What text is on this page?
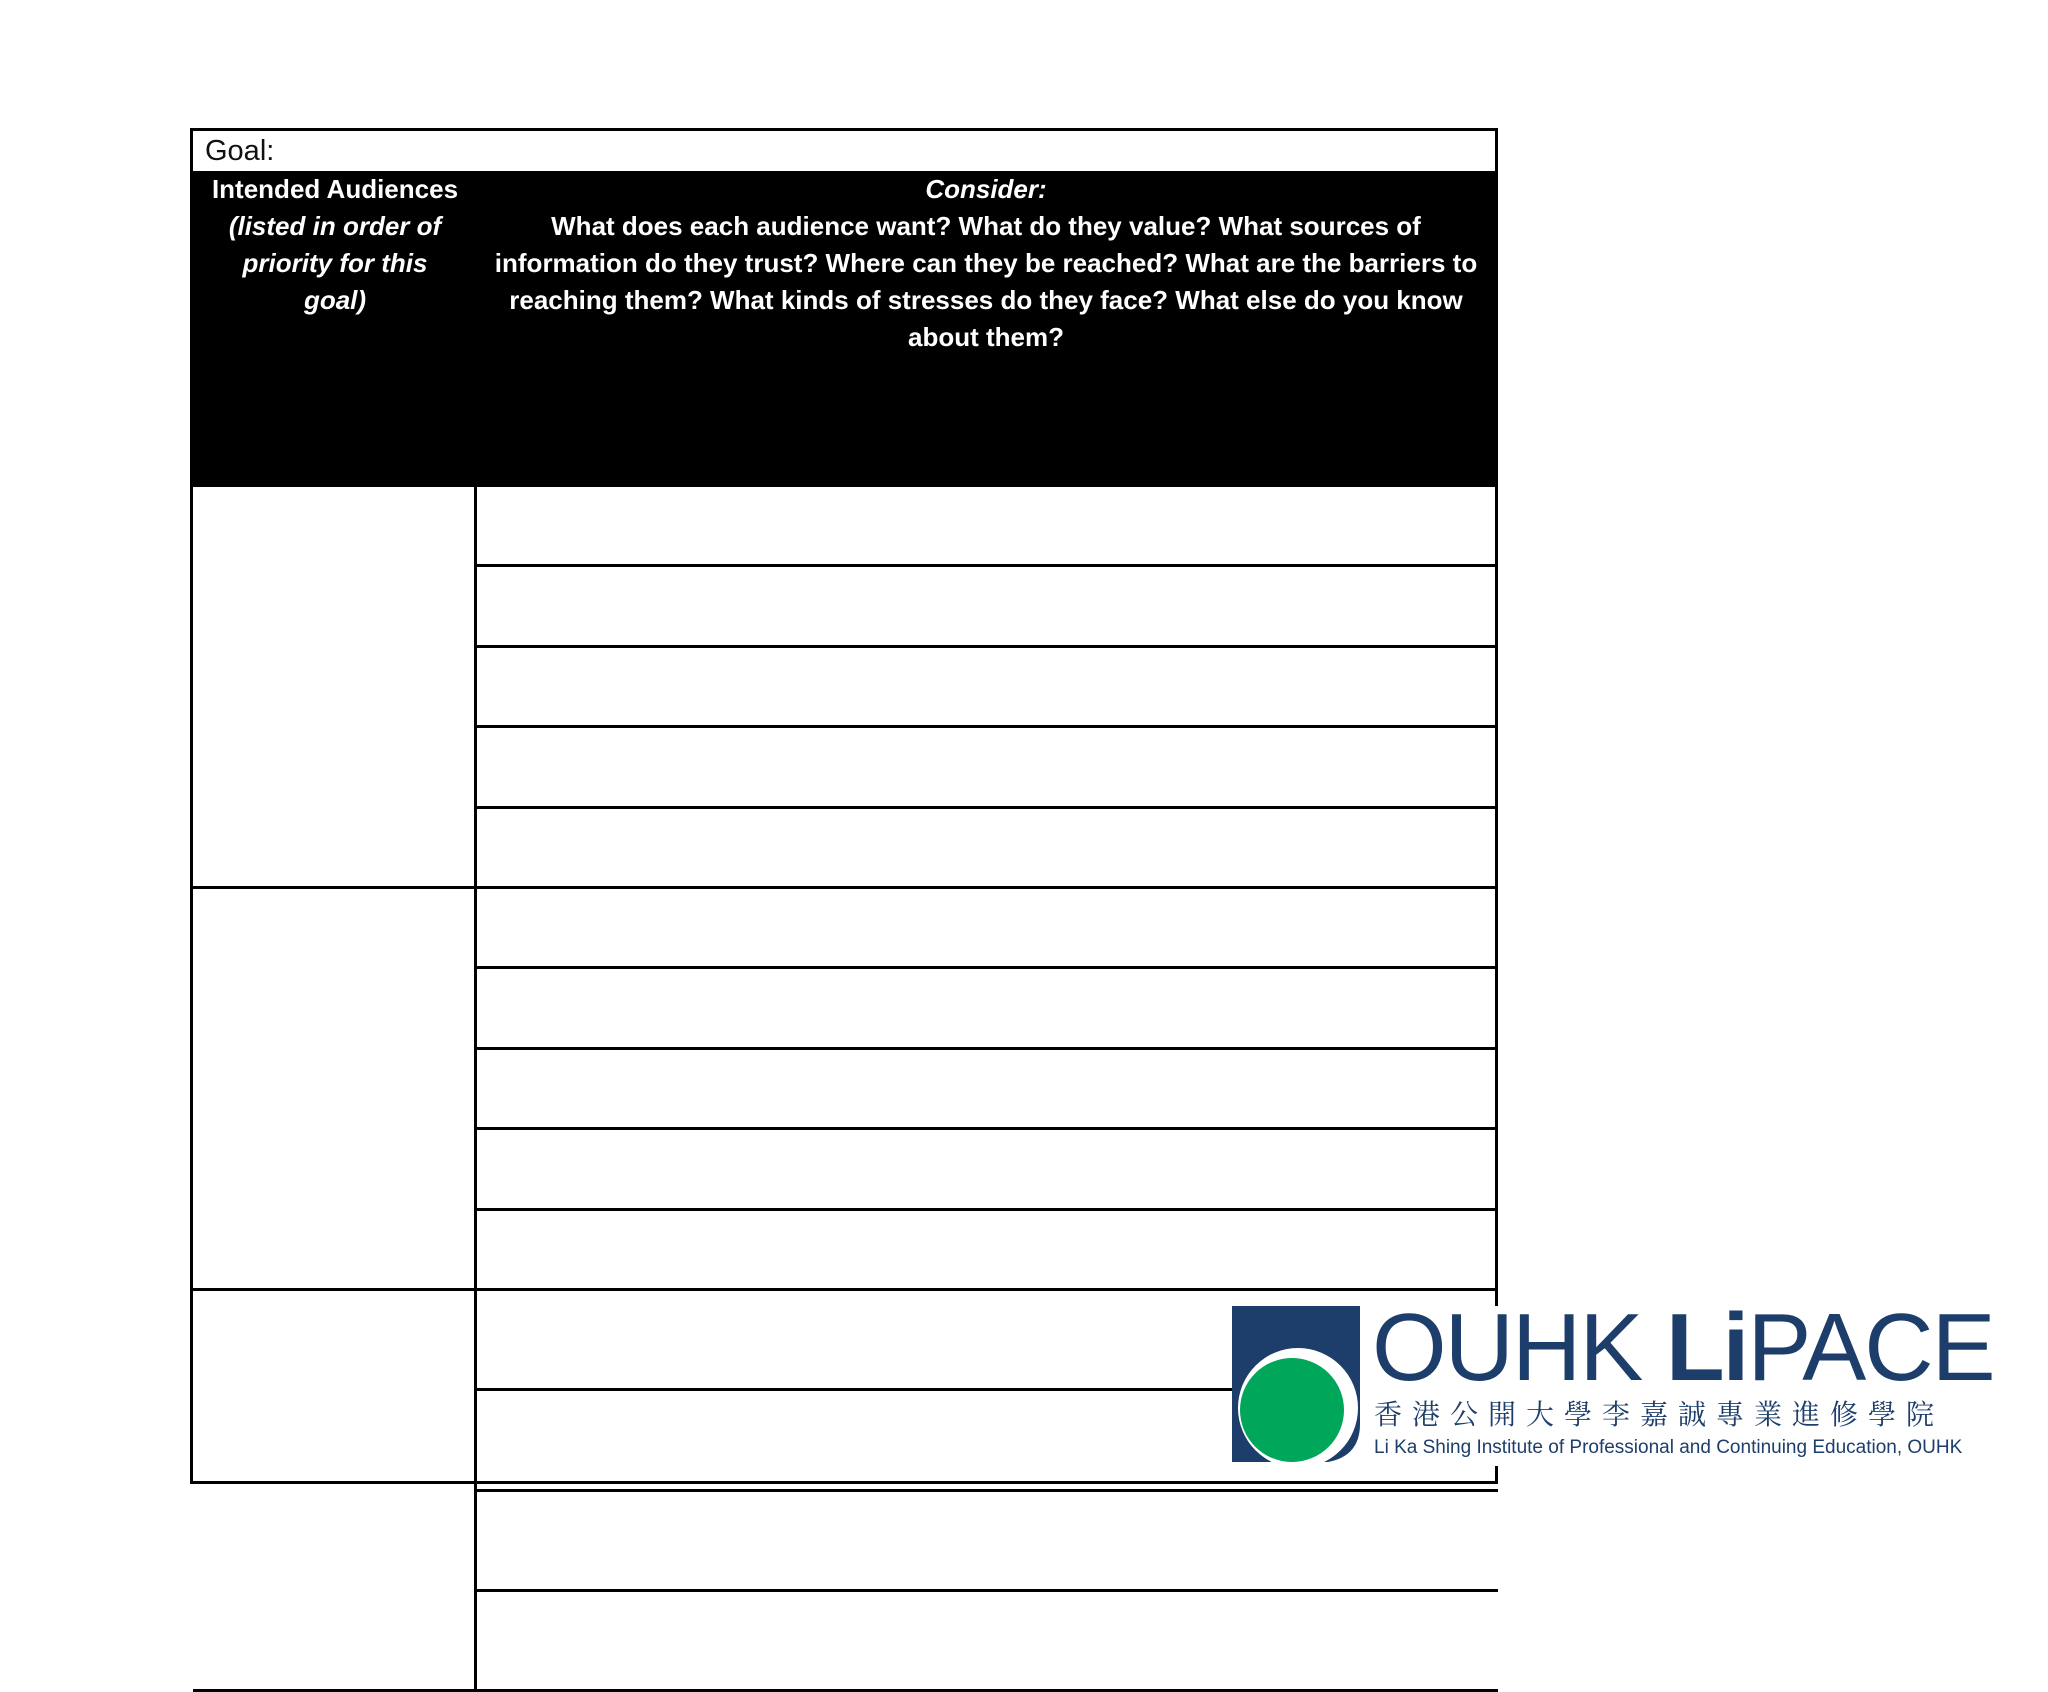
Goal:
Intended Audiences
(listed in order of priority for this goal)
Consider:
What does each audience want? What do they value? What sources of information do they trust? Where can they be reached? What are the barriers to reaching them? What kinds of stresses do they face? What else do you know about them?
OUHK LiPACE
香港公開大學李嘉誠專業進修學院
Li Ka Shing Institute of Professional and Continuing Education, OUHK
